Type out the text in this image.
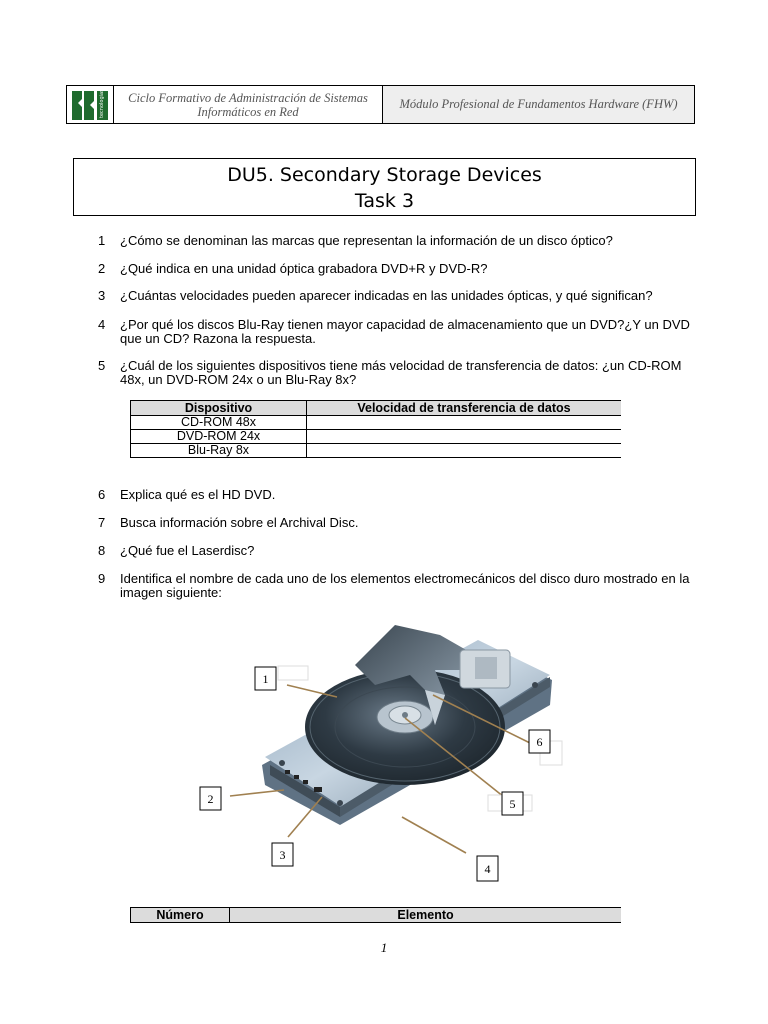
tecnologias Ciclo Formativo de Administración de Sistemas
Informáticos en Red
Módulo Profesional de Fundamentos Hardware (FHW)
DU5. Secondary Storage Devices
Task 3
1	¿Cómo se denominan las marcas que representan la información de un disco óptico?
2	¿Qué indica en una unidad óptica grabadora DVD+R y DVD-R?
3	¿Cuántas velocidades pueden aparecer indicadas en las unidades ópticas, y qué significan?
4	¿Por qué los discos Blu-Ray tienen mayor capacidad de almacenamiento que un DVD?¿Y un DVD que un CD? Razona la respuesta.
5	¿Cuál de los siguientes dispositivos tiene más velocidad de transferencia de datos: ¿un CD-ROM 48x, un DVD-ROM 24x o un Blu-Ray 8x?
Dispositivo	Velocidad de transferencia de datos
CD-ROM 48x	
DVD-ROM 24x	
Blu-Ray 8x	
6	Explica qué es el HD DVD.
7	Busca información sobre el Archival Disc.
8	¿Qué fue el Laserdisc?
9	Identifica el nombre de cada uno de los elementos electromecánicos del disco duro mostrado en la imagen siguiente:
1
2
3
4
5
6
Número	Elemento
1
